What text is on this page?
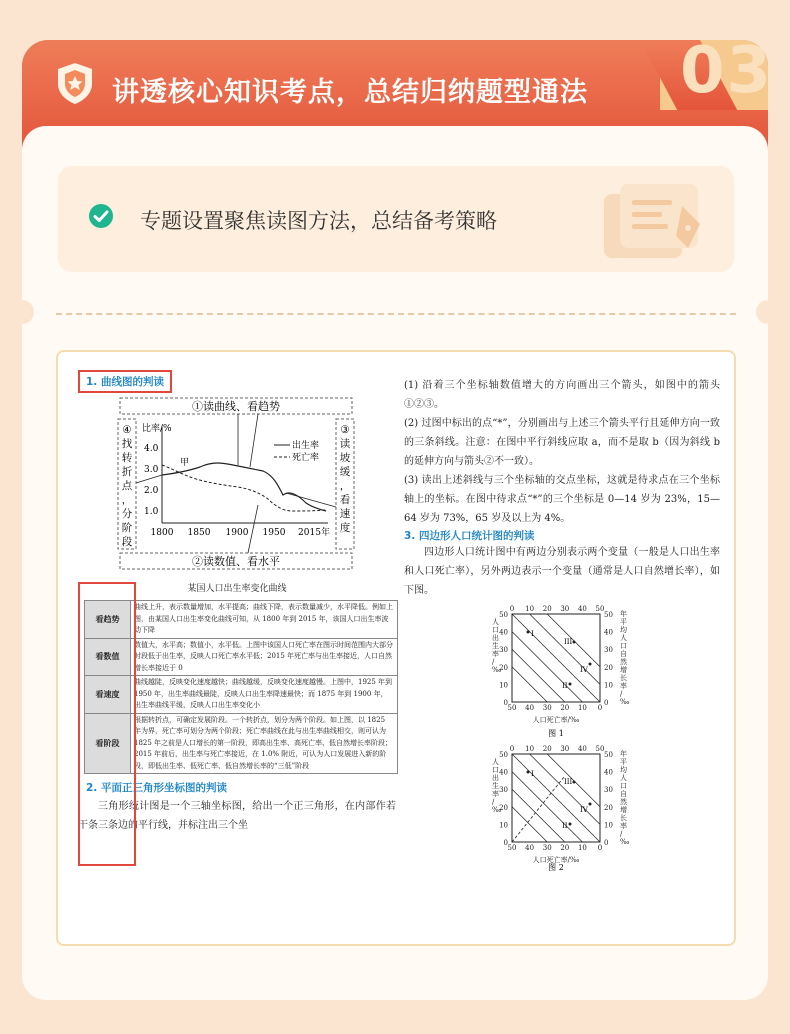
03
讲透核心知识考点，总结归纳题型通法
专题设置聚焦读图方法，总结备考策略
1. 曲线图的判读
①读曲线、看趋势
②读数值、看水平
④ 找转折点，分阶段
③ 读坡缓，看速度
比率/%
4.0
3.0
2.0
1.0
1800 1850 1900 1950 2015年
甲
出生率
死亡率
某国人口出生率变化曲线
看趋势	曲线上升，表示数量增加，水平提高；曲线下降，表示数量减少，水平降低。例如上图，由某国人口出生率变化曲线可知，从 1800 年到 2015 年，该国人口出生率波动下降
看数值	数值大，水平高；数值小，水平低。上图中该国人口死亡率在图示时间范围内大部分时段低于出生率，反映人口死亡率水平低；2015 年死亡率与出生率接近，人口自然增长率接近于 0
看速度	曲线越陡，反映变化速度越快；曲线越缓，反映变化速度越慢。上图中，1925 年到 1950 年，出生率曲线最陡，反映人口出生率降速最快；而 1875 年到 1900 年，出生率曲线平缓，反映人口出生率变化小
看阶段	根据转折点，可确定发展阶段。一个转折点，划分为两个阶段。如上图，以 1825 年为界，死亡率可划分为两个阶段；死亡率曲线在此与出生率曲线相交，则可认为 1825 年之前是人口增长的第一阶段，即高出生率、高死亡率、低自然增长率阶段；2015 年前后，出生率与死亡率接近，在 1.0% 附近，可认为人口发展进入新的阶段，即低出生率、低死亡率、低自然增长率的“三低”阶段
2. 平面正三角形坐标图的判读
三角形统计图是一个三轴坐标图，给出一个正三角形，在内部作若干条三条边的平行线，并标注出三个坐
(1) 沿着三个坐标轴数值增大的方向画出三个箭头，如图中的箭头①②③。
(2) 过图中标出的点“*”，分别画出与上述三个箭头平行且延伸方向一致的三条斜线。注意：在图中平行斜线应取 a，而不是取 b（因为斜线 b 的延伸方向与箭头②不一致）。
(3) 读出上述斜线与三个坐标轴的交点坐标，这就是待求点在三个坐标轴上的坐标。在图中待求点“*”的三个坐标是 0—14 岁为 23%，15—64 岁为 73%，65 岁及以上为 4%。
3. 四边形人口统计图的判读
四边形人口统计图中有两边分别表示两个变量（一般是人口出生率和人口死亡率），另外两边表示一个变量（通常是人口自然增长率），如下图。
I
III
IV
II
I
III
IV
II
0 10 20 30 40 50
50 40 30 20 10 0
50
40
30
20
10
0
50
40
30
20
10
0
人口出生率/ ‰
年平均人口自然增长率/ ‰
人口死亡率/‰
0 10 20 30 40 50
50 40 30 20 10 0
50
40
30
20
10
0
50
40
30
20
10
0
人口出生率/ ‰
年平均人口自然增长率/ ‰
人口死亡率/‰
图 1
图 2
